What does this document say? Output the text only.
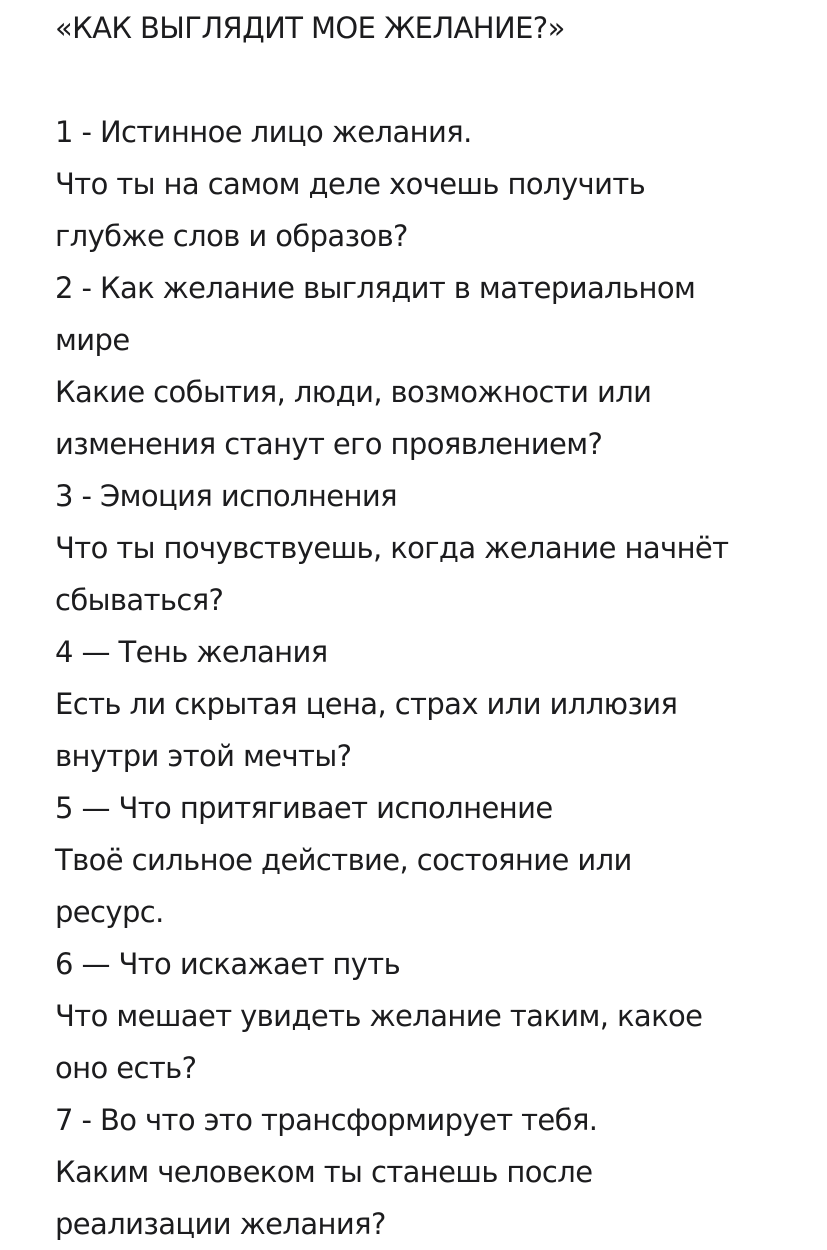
«КАК ВЫГЛЯДИТ МОЕ ЖЕЛАНИЕ?»
1 - Истинное лицо желания.
Что ты на самом деле хочешь получить
глубже слов и образов?
2 - Как желание выглядит в материальном
мире
Какие события, люди, возможности или
изменения станут его проявлением?
3 - Эмоция исполнения
Что ты почувствуешь, когда желание начнёт
сбываться?
4 — Тень желания
Есть ли скрытая цена, страх или иллюзия
внутри этой мечты?
5 — Что притягивает исполнение
Твоё сильное действие, состояние или
ресурс.
6 — Что искажает путь
Что мешает увидеть желание таким, какое
оно есть?
7 - Во что это трансформирует тебя.
Каким человеком ты станешь после
реализации желания?
